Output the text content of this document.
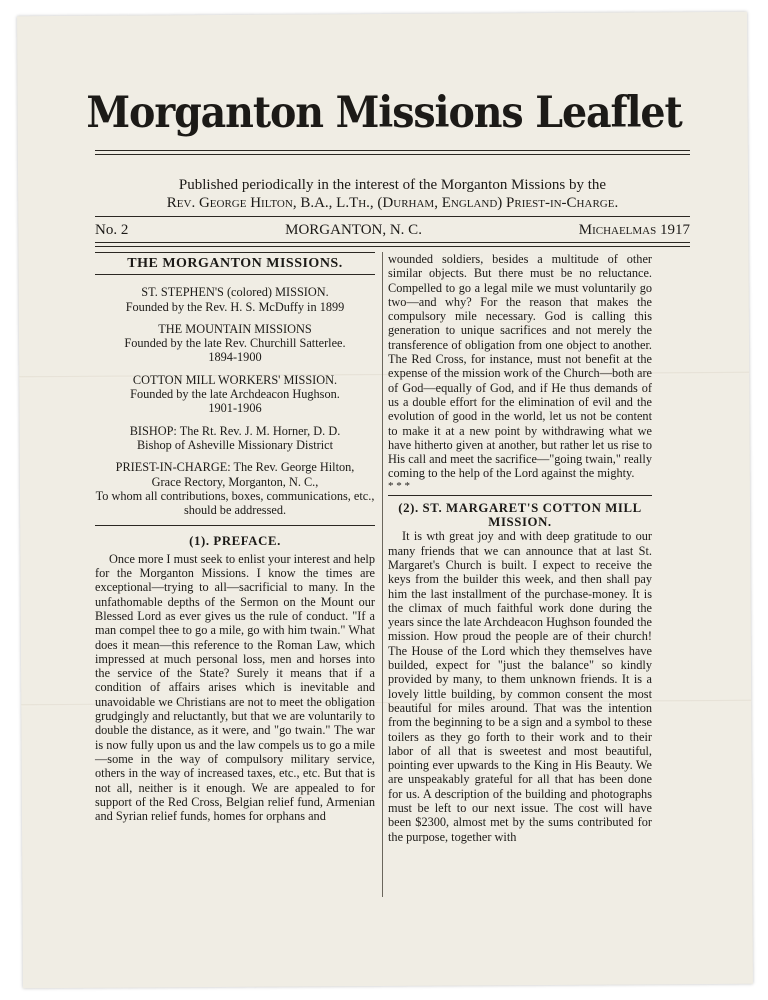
Morganton Missions Leaflet
Published periodically in the interest of the Morganton Missions by the
Rev. George Hilton, B.A., L.Th., (Durham, England) Priest-in-Charge.
No. 2	MORGANTON, N. C.	Michaelmas 1917
THE MORGANTON MISSIONS.
ST. STEPHEN'S (colored) MISSION.
Founded by the Rev. H. S. McDuffy in 1899
THE MOUNTAIN MISSIONS
Founded by the late Rev. Churchill Satterlee.
1894-1900
COTTON MILL WORKERS' MISSION.
Founded by the late Archdeacon Hughson.
1901-1906
BISHOP: The Rt. Rev. J. M. Horner, D. D.
Bishop of Asheville Missionary District
PRIEST-IN-CHARGE: The Rev. George Hilton,
Grace Rectory, Morganton, N. C.,
To whom all contributions, boxes, communications, etc., should be addressed.
(1). PREFACE.

Once more I must seek to enlist your interest and help for the Morganton Missions. I know the times are exceptional—trying to all—sacrificial to many. In the unfathomable depths of the Sermon on the Mount our Blessed Lord as ever gives us the rule of conduct. "If a man compel thee to go a mile, go with him twain." What does it mean—this reference to the Roman Law, which impressed at much personal loss, men and horses into the service of the State? Surely it means that if a condition of affairs arises which is inevitable and unavoidable we Christians are not to meet the obligation grudgingly and reluctantly, but that we are voluntarily to double the distance, as it were, and "go twain." The war is now fully upon us and the law compels us to go a mile—some in the way of compulsory military service, others in the way of increased taxes, etc., etc. But that is not all, neither is it enough. We are appealed to for support of the Red Cross, Belgian relief fund, Armenian and Syrian relief funds, homes for orphans and

wounded soldiers, besides a multitude of other similar objects. But there must be no reluctance. Compelled to go a legal mile we must voluntarily go two—and why? For the reason that makes the compulsory mile necessary. God is calling this generation to unique sacrifices and not merely the transference of obligation from one object to another. The Red Cross, for instance, must not benefit at the expense of the mission work of the Church—both are of God—equally of God, and if He thus demands of us a double effort for the elimination of evil and the evolution of good in the world, let us not be content to make it at a new point by withdrawing what we have hitherto given at another, but rather let us rise to His call and meet the sacrifice—"going twain," really coming to the help of the Lord against the mighty.

* * *

(2). ST. MARGARET'S COTTON MILL
MISSION.

It is wth great joy and with deep gratitude to our many friends that we can announce that at last St. Margaret's Church is built. I expect to receive the keys from the builder this week, and then shall pay him the last installment of the purchase-money. It is the climax of much faithful work done during the years since the late Archdeacon Hughson founded the mission. How proud the people are of their church! The House of the Lord which they themselves have builded, expect for "just the balance" so kindly provided by many, to them unknown friends. It is a lovely little building, by common consent the most beautiful for miles around. That was the intention from the beginning to be a sign and a symbol to these toilers as they go forth to their work and to their labor of all that is sweetest and most beautiful, pointing ever upwards to the King in His Beauty. We are unspeakably grateful for all that has been done for us. A description of the building and photographs must be left to our next issue. The cost will have been $2300, almost met by the sums contributed for the purpose, together with
